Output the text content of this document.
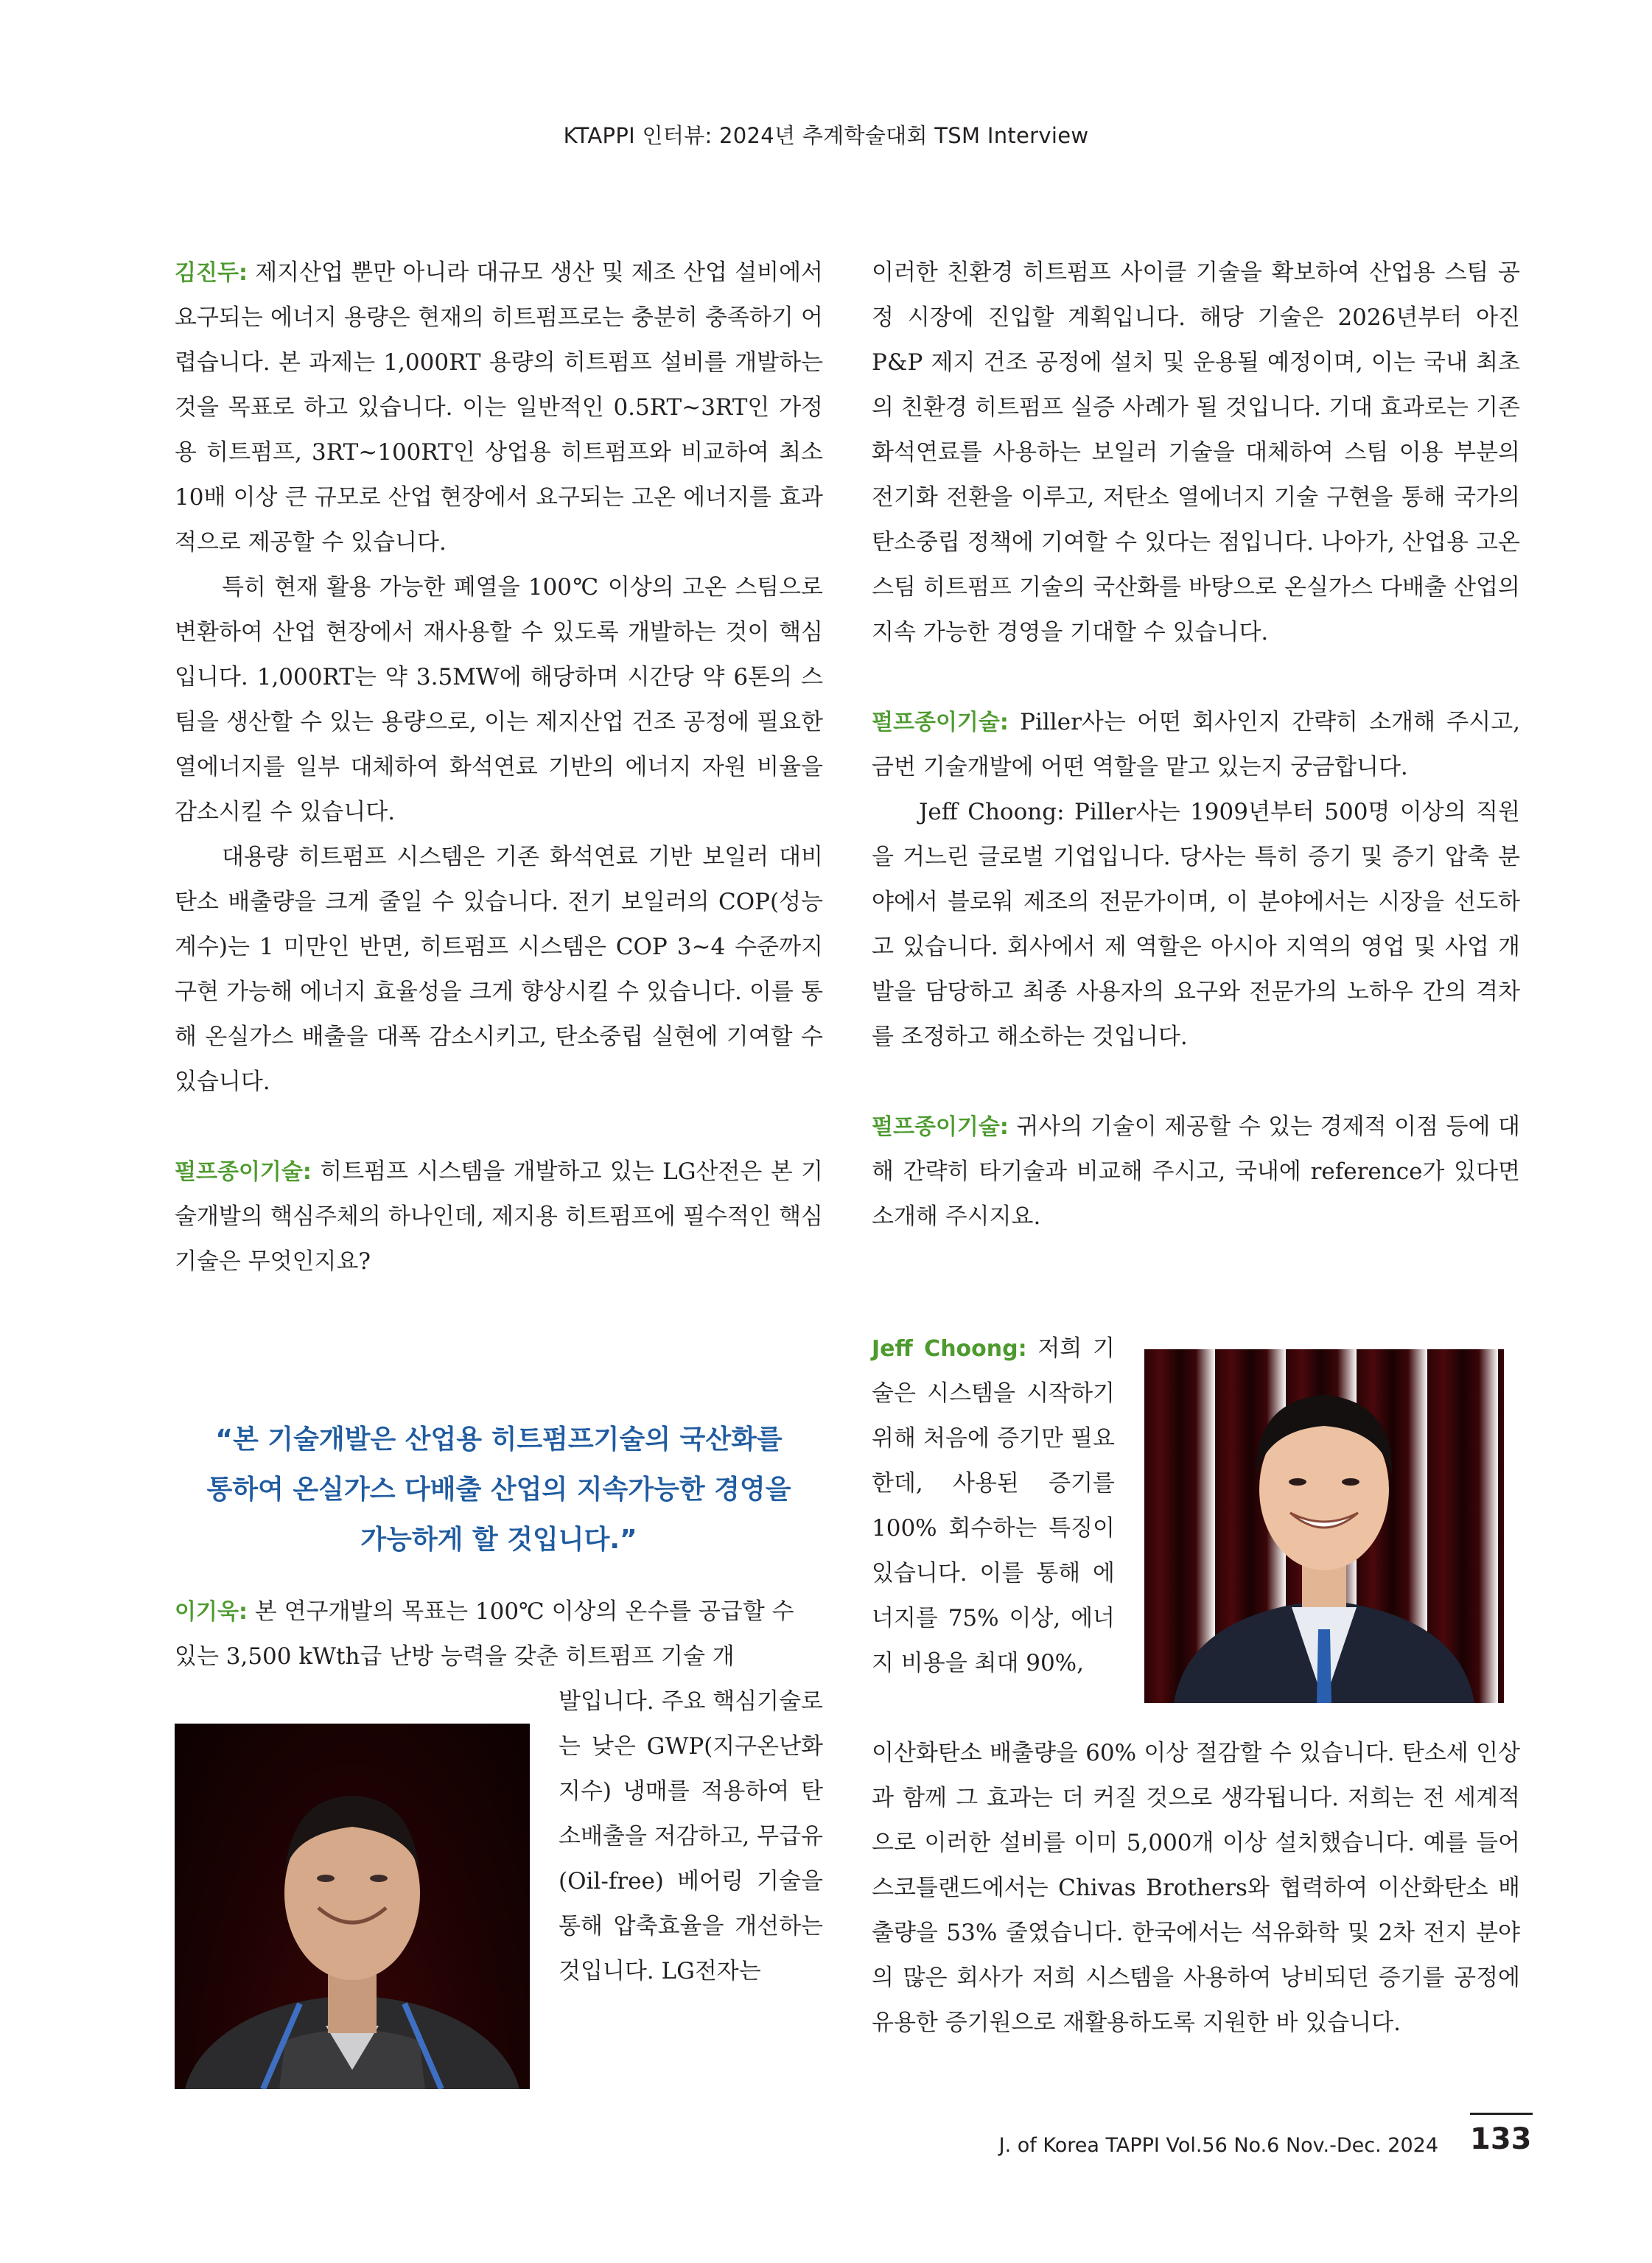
KTAPPI 인터뷰: 2024년 추계학술대회 TSM Interview

김진두: 제지산업 뿐만 아니라 대규모 생산 및 제조 산업 설비에서 요구되는 에너지 용량은 현재의 히트펌프로는 충분히 충족하기 어렵습니다. 본 과제는 1,000RT 용량의 히트펌프 설비를 개발하는 것을 목표로 하고 있습니다. 이는 일반적인 0.5RT~3RT인 가정용 히트펌프, 3RT~100RT인 상업용 히트펌프와 비교하여 최소 10배 이상 큰 규모로 산업 현장에서 요구되는 고온 에너지를 효과적으로 제공할 수 있습니다.

특히 현재 활용 가능한 폐열을 100℃ 이상의 고온 스팀으로 변환하여 산업 현장에서 재사용할 수 있도록 개발하는 것이 핵심입니다. 1,000RT는 약 3.5MW에 해당하며 시간당 약 6톤의 스팀을 생산할 수 있는 용량으로, 이는 제지산업 건조 공정에 필요한 열에너지를 일부 대체하여 화석연료 기반의 에너지 자원 비율을 감소시킬 수 있습니다.

대용량 히트펌프 시스템은 기존 화석연료 기반 보일러 대비 탄소 배출량을 크게 줄일 수 있습니다. 전기 보일러의 COP(성능계수)는 1 미만인 반면, 히트펌프 시스템은 COP 3~4 수준까지 구현 가능해 에너지 효율성을 크게 향상시킬 수 있습니다. 이를 통해 온실가스 배출을 대폭 감소시키고, 탄소중립 실현에 기여할 수 있습니다.

펄프종이기술: 히트펌프 시스템을 개발하고 있는 LG산전은 본 기술개발의 핵심주체의 하나인데, 제지용 히트펌프에 필수적인 핵심기술은 무엇인지요?

“본 기술개발은 산업용 히트펌프기술의 국산화를
통하여 온실가스 다배출 산업의 지속가능한 경영을
가능하게 할 것입니다.”
이기욱: 본 연구개발의 목표는 100℃ 이상의 온수를 공급할 수 있는 3,500 kWth급 난방 능력을 갖춘 히트펌프 기술 개
발입니다. 주요 핵심기술로는 낮은 GWP(지구온난화 지수) 냉매를 적용하여 탄소배출을 저감하고, 무급유(Oil-free) 베어링 기술을 통해 압축효율을 개선하는 것입니다. LG전자는

이러한 친환경 히트펌프 사이클 기술을 확보하여 산업용 스팀 공정 시장에 진입할 계획입니다. 해당 기술은 2026년부터 아진 P&P 제지 건조 공정에 설치 및 운용될 예정이며, 이는 국내 최초의 친환경 히트펌프 실증 사례가 될 것입니다. 기대 효과로는 기존 화석연료를 사용하는 보일러 기술을 대체하여 스팀 이용 부분의 전기화 전환을 이루고, 저탄소 열에너지 기술 구현을 통해 국가의 탄소중립 정책에 기여할 수 있다는 점입니다. 나아가, 산업용 고온 스팀 히트펌프 기술의 국산화를 바탕으로 온실가스 다배출 산업의 지속 가능한 경영을 기대할 수 있습니다.

펄프종이기술: Piller사는 어떤 회사인지 간략히 소개해 주시고, 금번 기술개발에 어떤 역할을 맡고 있는지 궁금합니다.

Jeff Choong: Piller사는 1909년부터 500명 이상의 직원을 거느린 글로벌 기업입니다. 당사는 특히 증기 및 증기 압축 분야에서 블로워 제조의 전문가이며, 이 분야에서는 시장을 선도하고 있습니다. 회사에서 제 역할은 아시아 지역의 영업 및 사업 개발을 담당하고 최종 사용자의 요구와 전문가의 노하우 간의 격차를 조정하고 해소하는 것입니다.

펄프종이기술: 귀사의 기술이 제공할 수 있는 경제적 이점 등에 대해 간략히 타기술과 비교해 주시고, 국내에 reference가 있다면 소개해 주시지요.

Jeff Choong: 저희 기술은 시스템을 시작하기 위해 처음에 증기만 필요한데, 사용된 증기를 100% 회수하는 특징이 있습니다. 이를 통해 에너지를 75% 이상, 에너지 비용을 최대 90%,
이산화탄소 배출량을 60% 이상 절감할 수 있습니다. 탄소세 인상과 함께 그 효과는 더 커질 것으로 생각됩니다. 저희는 전 세계적으로 이러한 설비를 이미 5,000개 이상 설치했습니다. 예를 들어 스코틀랜드에서는 Chivas Brothers와 협력하여 이산화탄소 배출량을 53% 줄였습니다. 한국에서는 석유화학 및 2차 전지 분야의 많은 회사가 저희 시스템을 사용하여 낭비되던 증기를 공정에 유용한 증기원으로 재활용하도록 지원한 바 있습니다.
J. of Korea TAPPI Vol.56 No.6 Nov.-Dec. 2024 133
